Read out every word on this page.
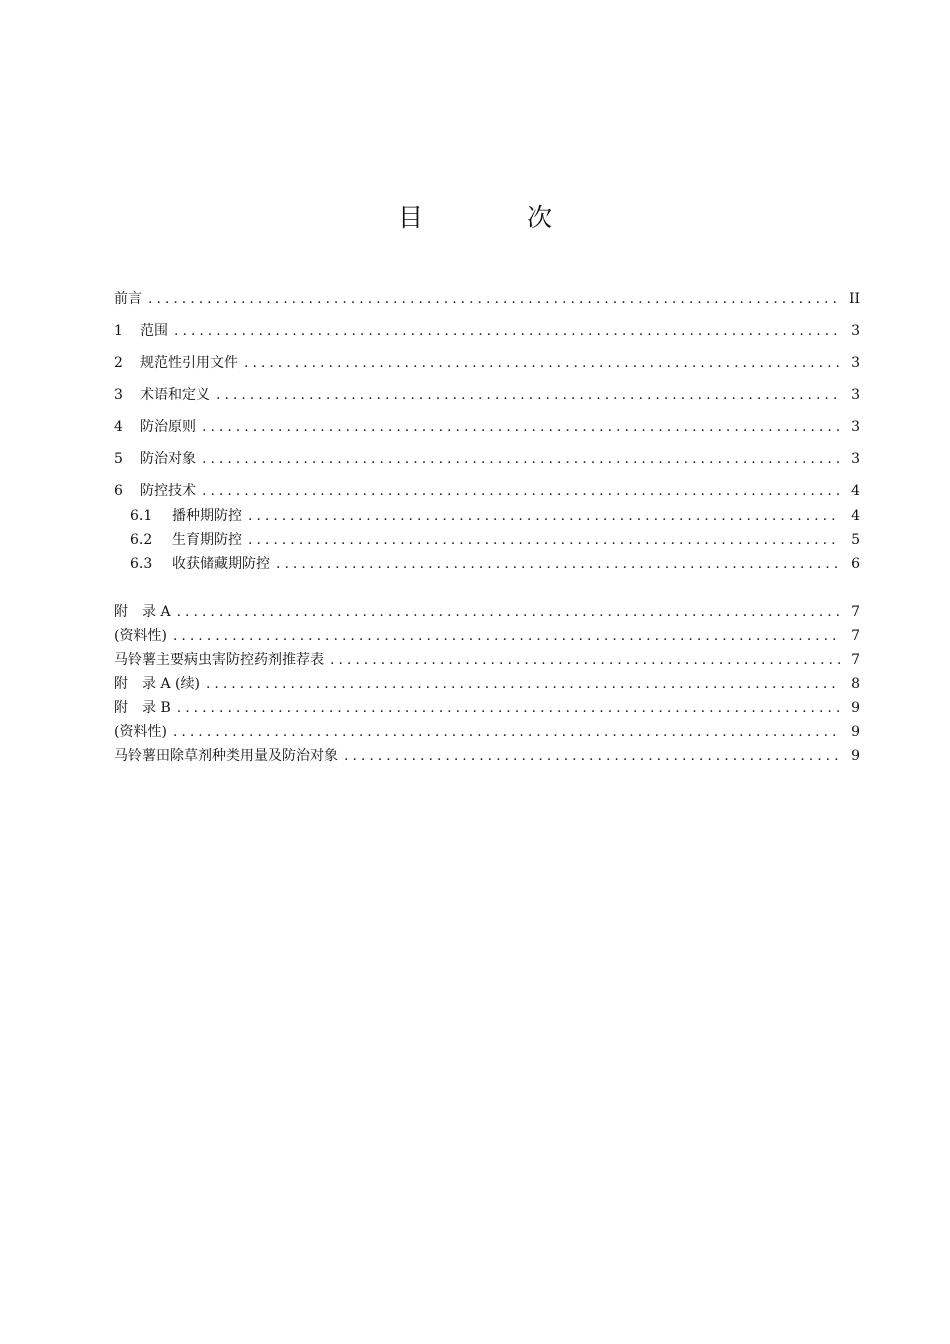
目 次
前言 .....	II
1	范围 .....	3
2	规范性引用文件 .....	3
3	术语和定义 .....	3
4	防治原则 .....	3
5	防治对象 .....	3
6	防控技术 .....	4
6.1	播种期防控 .....	4
6.2	生育期防控 .....	5
6.3	收获储藏期防控 .....	6
附　录 A .....	7
(资料性) .....	7
马铃薯主要病虫害防控药剂推荐表 .....	7
附　录 A (续) .....	8
附　录 B .....	9
(资料性) .....	9
马铃薯田除草剂种类用量及防治对象 .....	9
